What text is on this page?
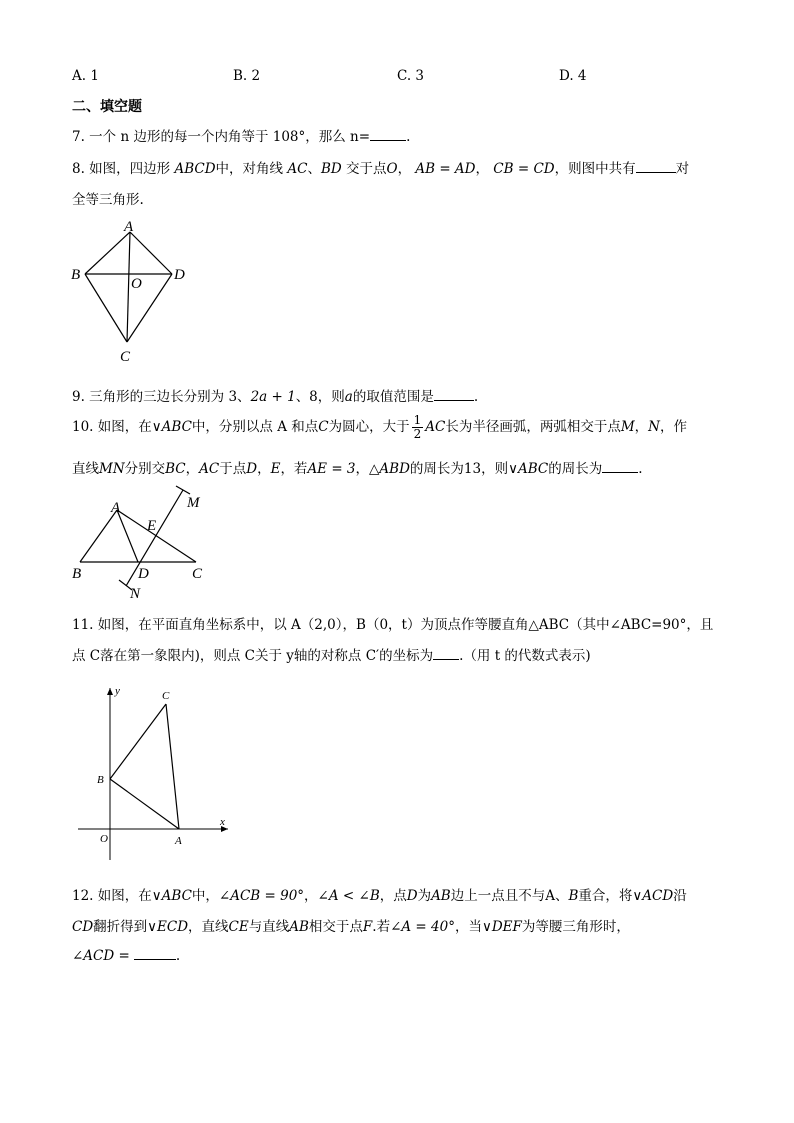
A. 1	B. 2	C. 3	D. 4
二、填空题
7. 一个 n 边形的每一个内角等于 108°，那么 n=	.
8. 如图，四边形 ABCD中，对角线 AC、BD 交于点O， AB = AD， CB = CD，则图中共有	对
全等三角形.
A
B	D
O
C
9. 三角形的三边长分别为 3、2a + 1、8，则a的取值范围是	.
10. 如图，在∨ABC中，分别以点 A 和点C为圆心，大于 $\frac{1}{2}$ AC长为半径画弧，两弧相交于点M，N，作
直线MN分别交BC，AC于点D，E，若AE = 3，△ABD的周长为13，则∨ABC的周长为	.
A
E
M
B	D	C
N
11. 如图，在平面直角坐标系中，以 A（2,0），B（0，t）为顶点作等腰直角△ABC（其中∠ABC=90°，且
点 C落在第一象限内)，则点 C关于 y轴的对称点 C′的坐标为 .（用 t 的代数式表示)
y
x
C
B
O	A
12. 如图，在∨ABC中，∠ACB = 90°，∠A < ∠B，点D为AB边上一点且不与A、B重合，将∨ACD沿
CD翻折得到∨ECD，直线CE与直线AB相交于点F.若∠A = 40°，当∨DEF为等腰三角形时，
∠ACD =	.
